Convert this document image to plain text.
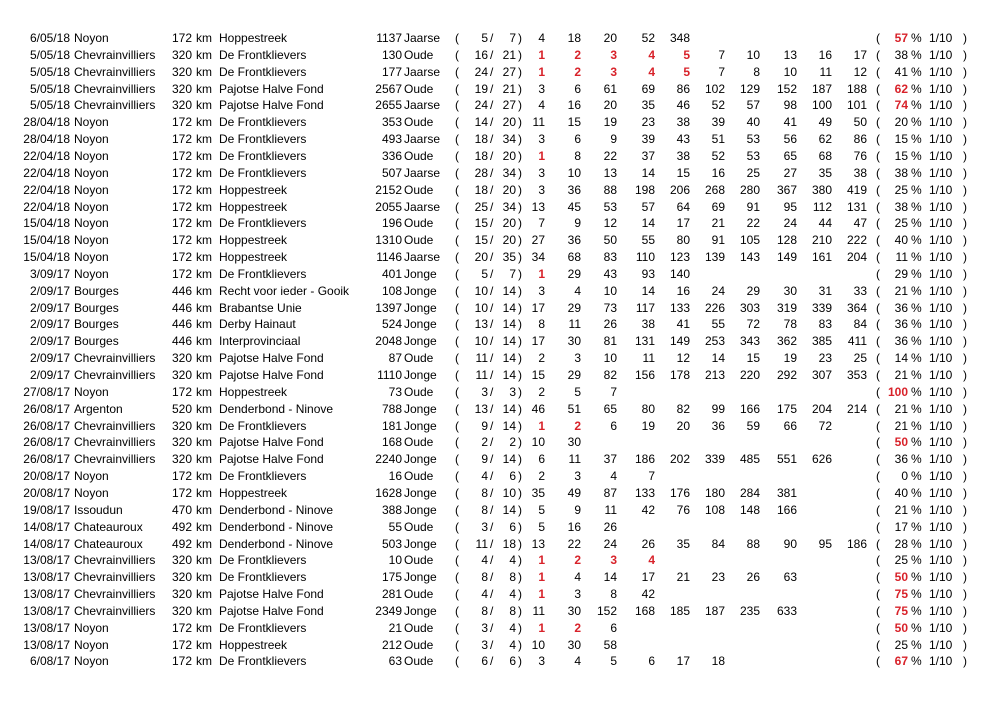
6/05/18 Noyon	172 km Hoppestreek	1137 Jaarse	(	5 /	7 )	4	18	20	52	348	(	57 % 1/10 )
5/05/18 Chevrainvilliers	320 km De Frontklievers	130 Oude	(	16 / 21 )	1	2	3	4	5	7	10	13	16	17 (	38 % 1/10 )
5/05/18 Chevrainvilliers	320 km De Frontklievers	177 Jaarse	(	24 / 27 )	1	2	3	4	5	7	8	10	11	12 (	41 % 1/10 )
5/05/18 Chevrainvilliers	320 km Pajotse Halve Fond	2567 Oude	(	19 / 21 )	3	6	61	69	86	102	129	152	187	188 (	62 % 1/10 )
5/05/18 Chevrainvilliers	320 km Pajotse Halve Fond	2655 Jaarse	(	24 / 27 )	4	16	20	35	46	52	57	98	100	101 (	74 % 1/10 )
28/04/18 Noyon	172 km De Frontklievers	353 Oude	(	14 / 20 ) 11	15	19	23	38	39	40	41	49	50 (	20 % 1/10 )
28/04/18 Noyon	172 km De Frontklievers	493 Jaarse	(	18 / 34 )	3	6	9	39	43	51	53	56	62	86 (	15 % 1/10 )
22/04/18 Noyon	172 km De Frontklievers	336 Oude	(	18 / 20 )	1	8	22	37	38	52	53	65	68	76 (	15 % 1/10 )
22/04/18 Noyon	172 km De Frontklievers	507 Jaarse	(	28 / 34 )	3	10	13	14	15	16	25	27	35	38 (	38 % 1/10 )
22/04/18 Noyon	172 km Hoppestreek	2152 Oude	(	18 / 20 )	3	36	88	198	206	268	280	367	380	419 (	25 % 1/10 )
22/04/18 Noyon	172 km Hoppestreek	2055 Jaarse	(	25 / 34 ) 13	45	53	57	64	69	91	95	112	131 (	38 % 1/10 )
15/04/18 Noyon	172 km De Frontklievers	196 Oude	(	15 / 20 )	7	9	12	14	17	21	22	24	44	47 (	25 % 1/10 )
15/04/18 Noyon	172 km Hoppestreek	1310 Oude	(	15 / 20 ) 27	36	50	55	80	91	105	128	210	222 (	40 % 1/10 )
15/04/18 Noyon	172 km Hoppestreek	1146 Jaarse	(	20 / 35 ) 34	68	83	110	123	139	143	149	161	204 (	11 % 1/10 )
3/09/17 Noyon	172 km De Frontklievers	401 Jonge	(	5 /	7 )	1	29	43	93	140	(	29 % 1/10 )
2/09/17 Bourges	446 km Recht voor ieder - Gooik	108 Jonge	(	10 / 14 )	3	4	10	14	16	24	29	30	31	33 (	21 % 1/10 )
2/09/17 Bourges	446 km Brabantse Unie	1397 Jonge	(	10 / 14 ) 17	29	73	117	133	226	303	319	339	364 (	36 % 1/10 )
2/09/17 Bourges	446 km Derby Hainaut	524 Jonge	(	13 / 14 )	8	11	26	38	41	55	72	78	83	84 (	36 % 1/10 )
2/09/17 Bourges	446 km Interprovinciaal	2048 Jonge	(	10 / 14 ) 17	30	81	131	149	253	343	362	385	411 (	36 % 1/10 )
2/09/17 Chevrainvilliers	320 km Pajotse Halve Fond	87 Oude	(	11 / 14 )	2	3	10	11	12	14	15	19	23	25 (	14 % 1/10 )
2/09/17 Chevrainvilliers	320 km Pajotse Halve Fond	1110 Jonge	(	11 / 14 ) 15	29	82	156	178	213	220	292	307	353 (	21 % 1/10 )
27/08/17 Noyon	172 km Hoppestreek	73 Oude	(	3 /	3 )	2	5	7	( 100 % 1/10 )
26/08/17 Argenton	520 km Denderbond - Ninove	788 Jonge	(	13 / 14 ) 46	51	65	80	82	99	166	175	204	214 (	21 % 1/10 )
26/08/17 Chevrainvilliers	320 km De Frontklievers	181 Jonge	(	9 / 14 )	1	2	6	19	20	36	59	66	72	(	21 % 1/10 )
26/08/17 Chevrainvilliers	320 km Pajotse Halve Fond	168 Oude	(	2 /	2 ) 10	30	(	50 % 1/10 )
26/08/17 Chevrainvilliers	320 km Pajotse Halve Fond	2240 Jonge	(	9 / 14 )	6	11	37	186	202	339	485	551	626	(	36 % 1/10 )
20/08/17 Noyon	172 km De Frontklievers	16 Oude	(	4 /	6 )	2	3	4	7	(	0 % 1/10 )
20/08/17 Noyon	172 km Hoppestreek	1628 Jonge	(	8 / 10 ) 35	49	87	133	176	180	284	381	(	40 % 1/10 )
19/08/17 Issoudun	470 km Denderbond - Ninove	388 Jonge	(	8 / 14 )	5	9	11	42	76	108	148	166	(	21 % 1/10 )
14/08/17 Chateauroux	492 km Denderbond - Ninove	55 Oude	(	3 /	6 )	5	16	26	(	17 % 1/10 )
14/08/17 Chateauroux	492 km Denderbond - Ninove	503 Jonge	(	11 / 18 ) 13	22	24	26	35	84	88	90	95	186 (	28 % 1/10 )
13/08/17 Chevrainvilliers	320 km De Frontklievers	10 Oude	(	4 /	4 )	1	2	3	4	(	25 % 1/10 )
13/08/17 Chevrainvilliers	320 km De Frontklievers	175 Jonge	(	8 /	8 )	1	4	14	17	21	23	26	63	(	50 % 1/10 )
13/08/17 Chevrainvilliers	320 km Pajotse Halve Fond	281 Oude	(	4 /	4 )	1	3	8	42	(	75 % 1/10 )
13/08/17 Chevrainvilliers	320 km Pajotse Halve Fond	2349 Jonge	(	8 /	8 ) 11	30	152	168	185	187	235	633	(	75 % 1/10 )
13/08/17 Noyon	172 km De Frontklievers	21 Oude	(	3 /	4 )	1	2	6	(	50 % 1/10 )
13/08/17 Noyon	172 km Hoppestreek	212 Oude	(	3 /	4 ) 10	30	58	(	25 % 1/10 )
6/08/17 Noyon	172 km De Frontklievers	63 Oude	(	6 /	6 )	3	4	5	6	17	18	(	67 % 1/10 )
